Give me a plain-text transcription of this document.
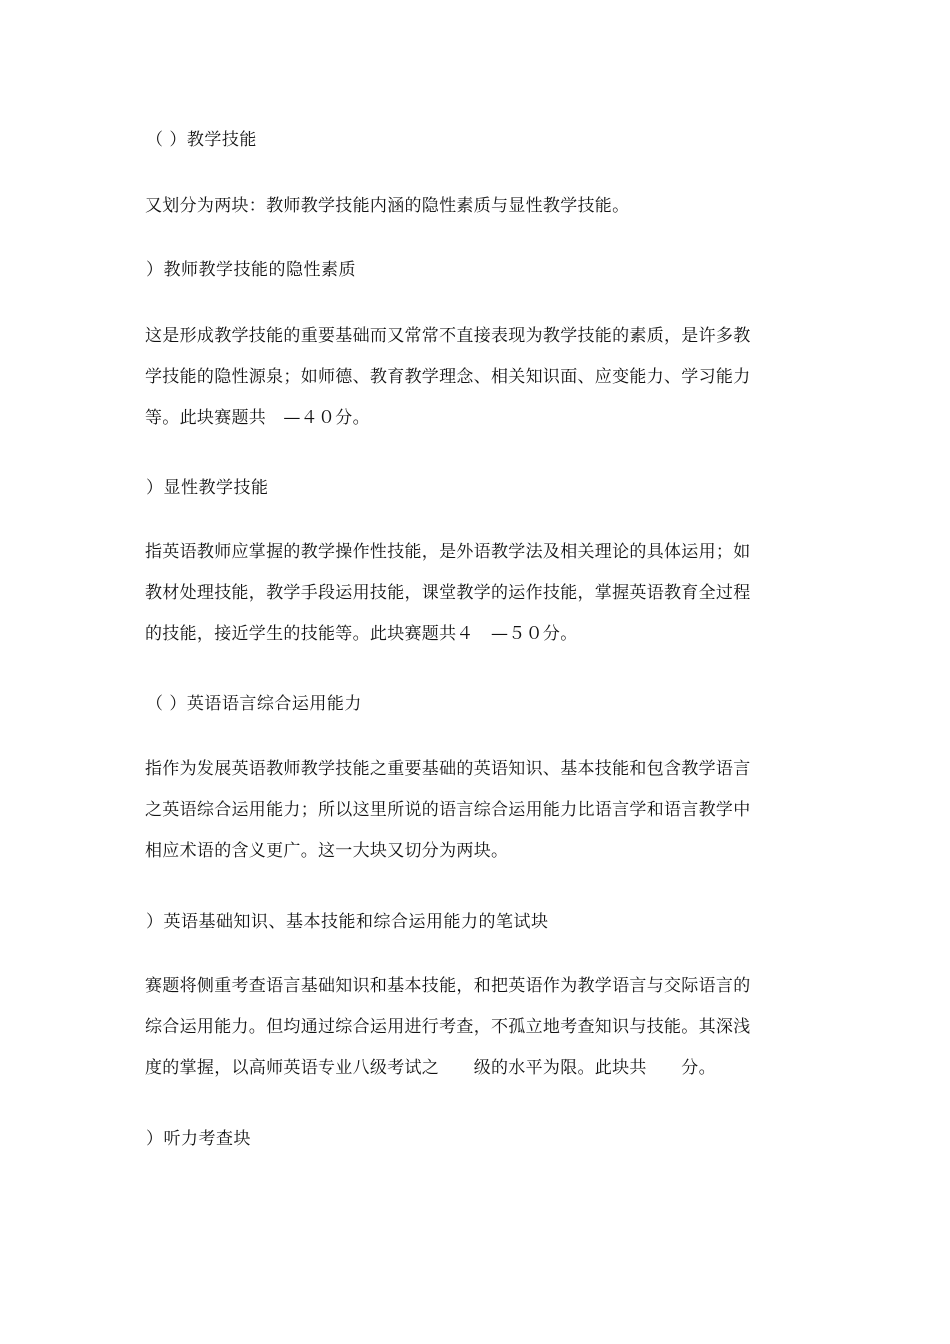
（ ）教学技能
又划分为两块：教师教学技能内涵的隐性素质与显性教学技能。
）教师教学技能的隐性素质
这是形成教学技能的重要基础而又常常不直接表现为教学技能的素质，是许多教
学技能的隐性源泉；如师德、教育教学理念、相关知识面、应变能力、学习能力
等。此块赛题共　—４０分。
）显性教学技能
指英语教师应掌握的教学操作性技能，是外语教学法及相关理论的具体运用；如
教材处理技能，教学手段运用技能，课堂教学的运作技能，掌握英语教育全过程
的技能，接近学生的技能等。此块赛题共４　—５０分。
（ ）英语语言综合运用能力
指作为发展英语教师教学技能之重要基础的英语知识、基本技能和包含教学语言
之英语综合运用能力；所以这里所说的语言综合运用能力比语言学和语言教学中
相应术语的含义更广。这一大块又切分为两块。
）英语基础知识、基本技能和综合运用能力的笔试块
赛题将侧重考查语言基础知识和基本技能，和把英语作为教学语言与交际语言的
综合运用能力。但均通过综合运用进行考查，不孤立地考查知识与技能。其深浅
度的掌握，以高师英语专业八级考试之　　级的水平为限。此块共　　分。
）听力考查块
